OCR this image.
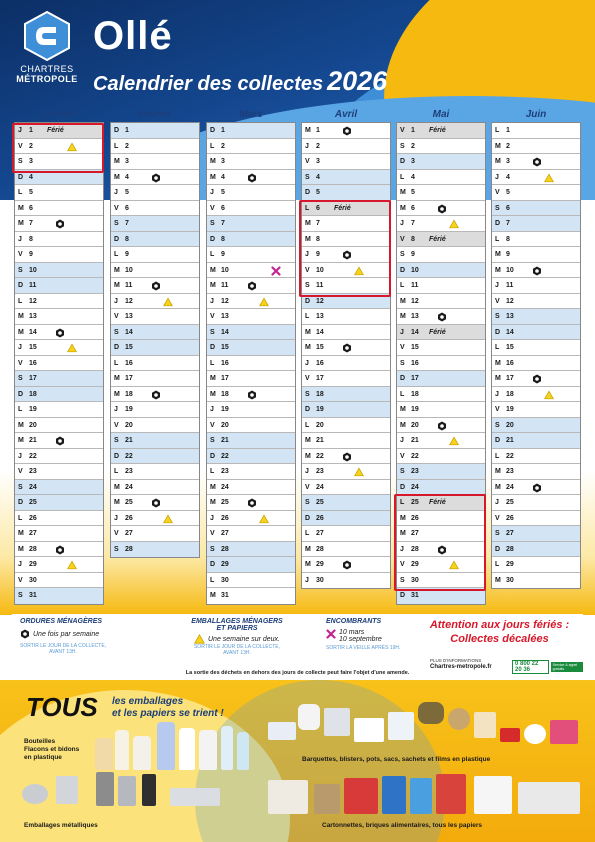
CHARTRES
MÉTROPOLE
Ollé
Calendrier des collectes 2026
Janvier
J 1 Férié
V 2
S 3
D 4
L 5
M 6
M 7
J 8
V 9
S 10
D 11
L 12
M 13
M 14
J 15
V 16
S 17
D 18
L 19
M 20
M 21
J 22
V 23
S 24
D 25
L 26
M 27
M 28
J 29
V 30
S 31
Février
D 1
L 2
M 3
M 4
J 5
V 6
S 7
D 8
L 9
M 10
M 11
J 12
V 13
S 14
D 15
L 16
M 17
M 18
J 19
V 20
S 21
D 22
L 23
M 24
M 25
J 26
V 27
S 28
Mars
D 1
L 2
M 3
M 4
J 5
V 6
S 7
D 8
L 9
M 10
M 11
J 12
V 13
S 14
D 15
L 16
M 17
M 18
J 19
V 20
S 21
D 22
L 23
M 24
M 25
J 26
V 27
S 28
D 29
L 30
M 31
Avril
M 1
J 2
V 3
S 4
D 5
L 6 Férié
M 7
M 8
J 9
V 10
S 11
D 12
L 13
M 14
M 15
J 16
V 17
S 18
D 19
L 20
M 21
M 22
J 23
V 24
S 25
D 26
L 27
M 28
M 29
J 30
Mai
V 1 Férié
S 2
D 3
L 4
M 5
M 6
J 7
V 8 Férié
S 9
D 10
L 11
M 12
M 13
J 14 Férié
V 15
S 16
D 17
L 18
M 19
M 20
J 21
V 22
S 23
D 24
L 25 Férié
M 26
M 27
J 28
V 29
S 30
D 31
Juin
L 1
M 2
M 3
J 4
V 5
S 6
D 7
L 8
M 9
M 10
J 11
V 12
S 13
D 14
L 15
M 16
M 17
J 18
V 19
S 20
D 21
L 22
M 23
M 24
J 25
V 26
S 27
D 28
L 29
M 30
ORDURES MÉNAGÈRES
Une fois par semaine
SORTIR LE JOUR DE LA COLLECTE,
AVANT 13H.
EMBALLAGES MÉNAGERS
ET PAPIERS
Une semaine sur deux.
SORTIR LE JOUR DE LA COLLECTE,
AVANT 13H.
ENCOMBRANTS
10 mars
10 septembre
SORTIR LA VEILLE APRÈS 19H.
Attention aux jours fériés :
Collectes décalées
PLUS D'INFORMATIONS
Chartres-metropole.fr	0 800 22 20 36
Service & appel gratuits
La sortie des déchets en dehors des jours de collecte peut faire l'objet d'une amende.
TOUS les emballages
et les papiers se trient !
Bouteilles
Flacons et bidons
en plastique	Barquettes, blisters, pots, sacs, sachets et films en plastique
Emballages métalliques	Cartonnettes, briques alimentaires, tous les papiers
